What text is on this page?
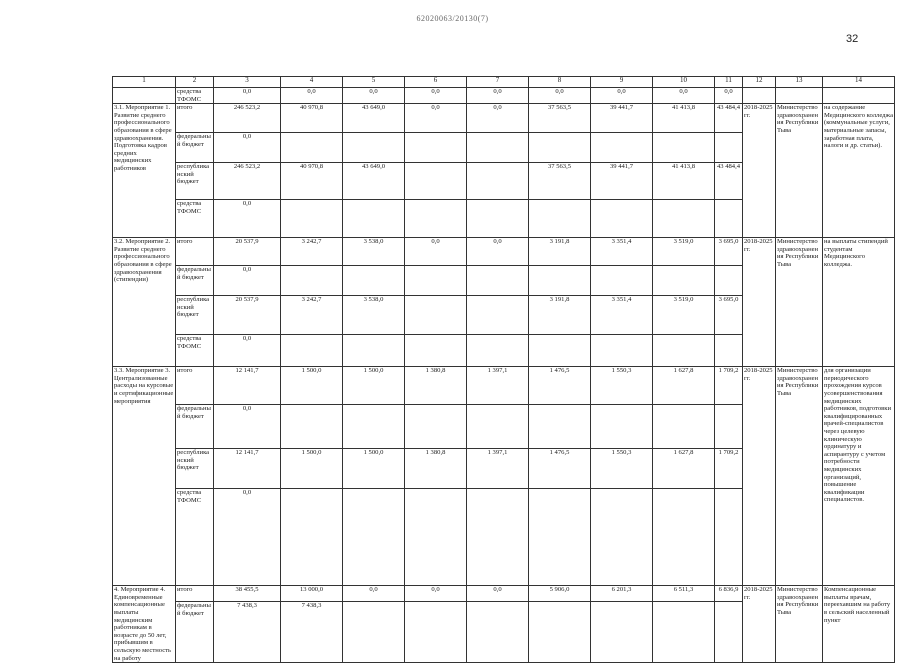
62020063/20130(7)
32
1	2	3	4	5	6	7	8	9	10	11	12	13	14
	средства ТФОМС	0,0	0,0	0,0	0,0	0,0	0,0	0,0	0,0	0,0			
3.1. Мероприятие 1. Развитие среднего профессионального образования в сфере здравоохранения. Подготовка кадров средних медицинских работников	итого	246 523,2	40 970,8	43 649,0	0,0	0,0	37 563,5	39 441,7	41 413,8	43 484,4	2018-2025 гг.	Министерство здравоохранения Республики Тыва	на содержание Медицинского колледжа (коммунальные услуги, материальные запасы, заработная плата, налоги и др. статьи).
	федеральный бюджет	0,0											
	республиканский бюджет	246 523,2	40 970,8	43 649,0			37 563,5	39 441,7	41 413,8	43 484,4			
	средства ТФОМС	0,0											
3.2. Мероприятие 2. Развитие среднего профессионального образования в сфере здравоохранения (стипендии)	итого	20 537,9	3 242,7	3 538,0	0,0	0,0	3 191,8	3 351,4	3 519,0	3 695,0	2018-2025 гг.	Министерство здравоохранения Республики Тыва	на выплаты стипендий студентам Медицинского колледжа.
	федеральный бюджет	0,0											
	республиканский бюджет	20 537,9	3 242,7	3 538,0			3 191,8	3 351,4	3 519,0	3 695,0			
	средства ТФОМС	0,0											
3.3. Мероприятие 3. Централизованные расходы на курсовые и сертификационные мероприятия	итого	12 141,7	1 500,0	1 500,0	1 380,8	1 397,1	1 476,5	1 550,3	1 627,8	1 709,2	2018-2025 гг.	Министерство здравоохранения Республики Тыва	для организации периодического прохождения курсов усовершенствования медицинских работников, подготовки квалифицированных врачей-специалистов через целевую клиническую ординатуру и аспирантуру с учетом потребности медицинских организаций, повышение квалификации специалистов.
	федеральный бюджет	0,0											
	республиканский бюджет	12 141,7	1 500,0	1 500,0	1 380,8	1 397,1	1 476,5	1 550,3	1 627,8	1 709,2			
	средства ТФОМС	0,0											
4. Мероприятие 4. Единовременные компенсационные выплаты медицинским работникам в возрасте до 50 лет, прибывшим в сельскую местность на работу	итого	38 455,5	13 000,0	0,0	0,0	0,0	5 906,0	6 201,3	6 511,3	6 836,9	2018-2025 гг.	Министерство здравоохранения Республики Тыва	Компенсационные выплаты врачам, переехавшим на работу в сельский населенный пункт
	федеральный бюджет	7 438,3	7 438,3										
